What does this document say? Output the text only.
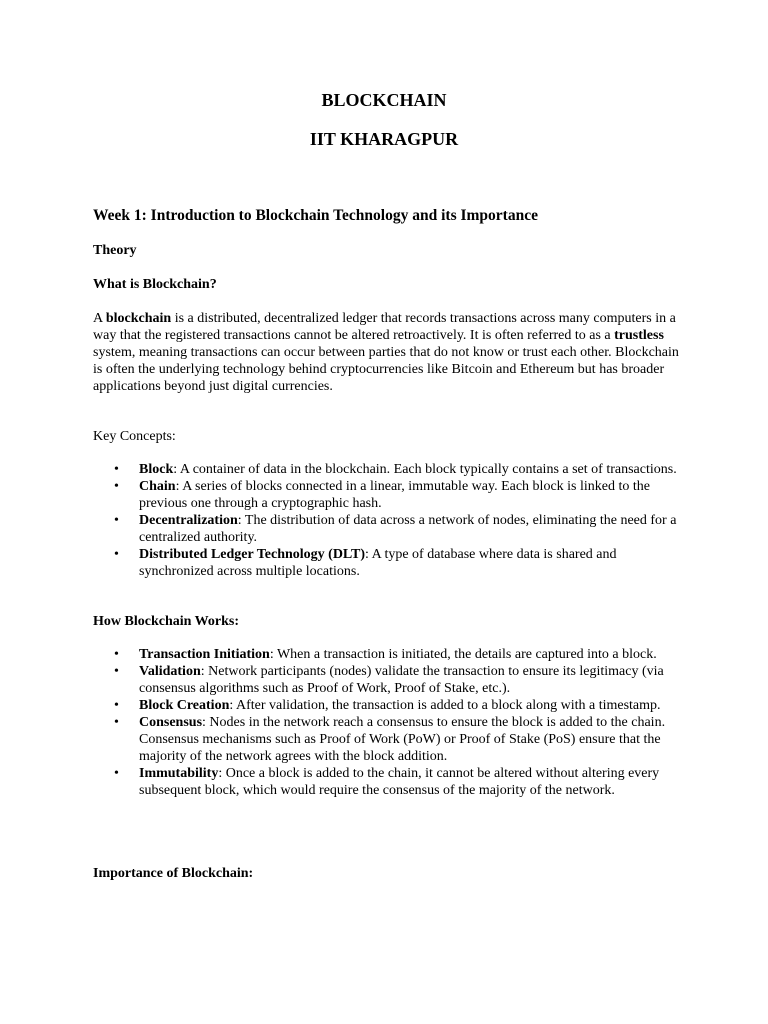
BLOCKCHAIN
IIT KHARAGPUR
Week 1: Introduction to Blockchain Technology and its Importance
Theory
What is Blockchain?

A blockchain is a distributed, decentralized ledger that records transactions across many computers in a way that the registered transactions cannot be altered retroactively. It is often referred to as a trustless system, meaning transactions can occur between parties that do not know or trust each other. Blockchain is often the underlying technology behind cryptocurrencies like Bitcoin and Ethereum but has broader applications beyond just digital currencies.

Key Concepts:
• Block: A container of data in the blockchain. Each block typically contains a set of transactions.
• Chain: A series of blocks connected in a linear, immutable way. Each block is linked to the previous one through a cryptographic hash.
• Decentralization: The distribution of data across a network of nodes, eliminating the need for a centralized authority.
• Distributed Ledger Technology (DLT): A type of database where data is shared and synchronized across multiple locations.
How Blockchain Works:
• Transaction Initiation: When a transaction is initiated, the details are captured into a block.
• Validation: Network participants (nodes) validate the transaction to ensure its legitimacy (via consensus algorithms such as Proof of Work, Proof of Stake, etc.).
• Block Creation: After validation, the transaction is added to a block along with a timestamp.
• Consensus: Nodes in the network reach a consensus to ensure the block is added to the chain. Consensus mechanisms such as Proof of Work (PoW) or Proof of Stake (PoS) ensure that the majority of the network agrees with the block addition.
• Immutability: Once a block is added to the chain, it cannot be altered without altering every subsequent block, which would require the consensus of the majority of the network.
Importance of Blockchain:
